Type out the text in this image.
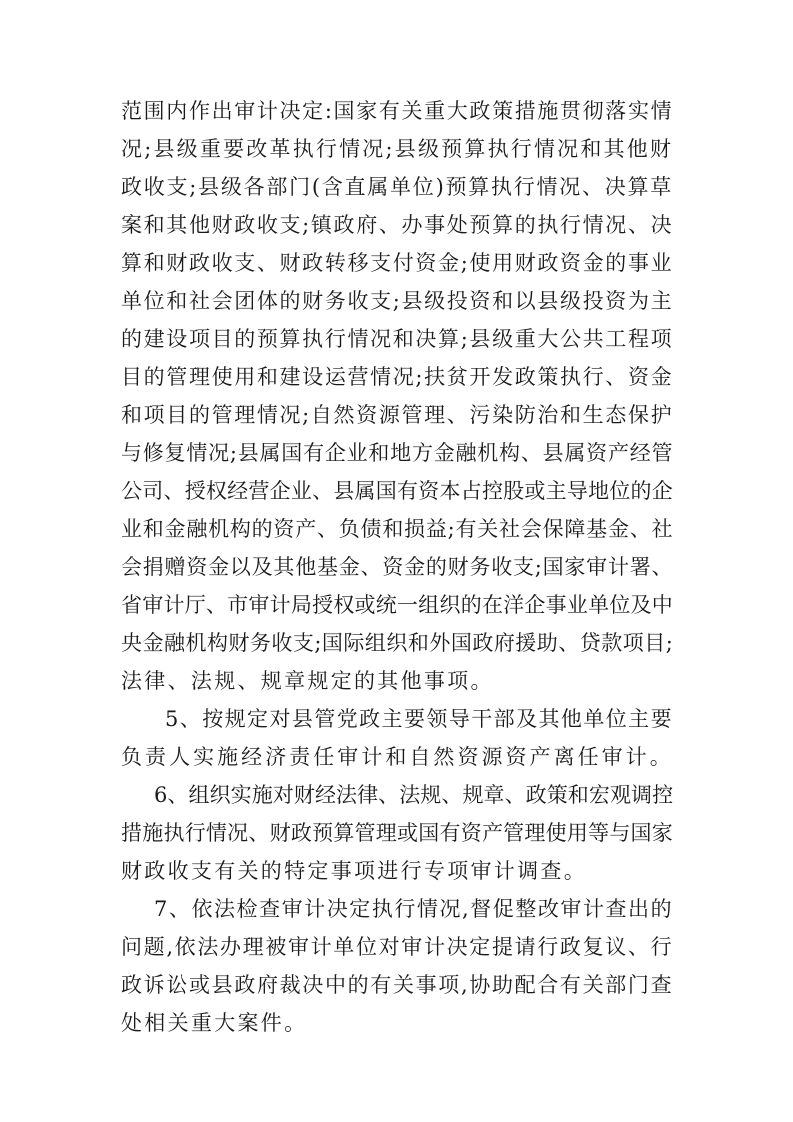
范围内作出审计决定:国家有关重大政策措施贯彻落实情
况;县级重要改革执行情况;县级预算执行情况和其他财
政收支;县级各部门(含直属单位)预算执行情况、决算草
案和其他财政收支;镇政府、办事处预算的执行情况、决
算和财政收支、财政转移支付资金;使用财政资金的事业
单位和社会团体的财务收支;县级投资和以县级投资为主
的建设项目的预算执行情况和决算;县级重大公共工程项
目的管理使用和建设运营情况;扶贫开发政策执行、资金
和项目的管理情况;自然资源管理、污染防治和生态保护
与修复情况;县属国有企业和地方金融机构、县属资产经管
公司、授权经营企业、县属国有资本占控股或主导地位的企
业和金融机构的资产、负债和损益;有关社会保障基金、社
会捐赠资金以及其他基金、资金的财务收支;国家审计署、
省审计厅、市审计局授权或统一组织的在洋企事业单位及中
央金融机构财务收支;国际组织和外国政府援助、贷款项目;
法律、法规、规章规定的其他事项。
5、按规定对县管党政主要领导干部及其他单位主要
负责人实施经济责任审计和自然资源资产离任审计。
6、组织实施对财经法律、法规、规章、政策和宏观调控
措施执行情况、财政预算管理或国有资产管理使用等与国家
财政收支有关的特定事项进行专项审计调查。
7、依法检查审计决定执行情况,督促整改审计查出的
问题,依法办理被审计单位对审计决定提请行政复议、行
政诉讼或县政府裁决中的有关事项,协助配合有关部门查
处相关重大案件。
